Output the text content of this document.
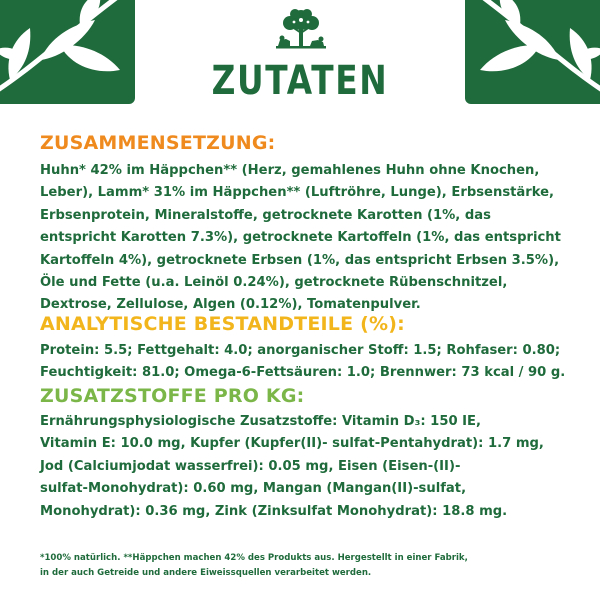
ZUTATEN
ZUSAMMENSETZUNG:
Huhn* 42% im Häppchen** (Herz, gemahlenes Huhn ohne Knochen,
Leber), Lamm* 31% im Häppchen** (Luftröhre, Lunge), Erbsenstärke,
Erbsenprotein, Mineralstoffe, getrocknete Karotten (1%, das
entspricht Karotten 7.3%), getrocknete Kartoffeln (1%, das entspricht
Kartoffeln 4%), getrocknete Erbsen (1%, das entspricht Erbsen 3.5%),
Öle und Fette (u.a. Leinöl 0.24%), getrocknete Rübenschnitzel,
Dextrose, Zellulose, Algen (0.12%), Tomatenpulver.
ANALYTISCHE BESTANDTEILE (%):
Protein: 5.5; Fettgehalt: 4.0; anorganischer Stoff: 1.5; Rohfaser: 0.80;
Feuchtigkeit: 81.0; Omega-6-Fettsäuren: 1.0; Brennwer: 73 kcal / 90 g.
ZUSATZSTOFFE PRO KG:
Ernährungsphysiologische Zusatzstoffe: Vitamin D₃: 150 IE,
Vitamin E: 10.0 mg, Kupfer (Kupfer(II)- sulfat-Pentahydrat): 1.7 mg,
Jod (Calciumjodat wasserfrei): 0.05 mg, Eisen (Eisen-(II)-
sulfat-Monohydrat): 0.60 mg, Mangan (Mangan(II)-sulfat,
Monohydrat): 0.36 mg, Zink (Zinksulfat Monohydrat): 18.8 mg.
*100% natürlich. **Häppchen machen 42% des Produkts aus. Hergestellt in einer Fabrik,
in der auch Getreide und andere Eiweissquellen verarbeitet werden.
